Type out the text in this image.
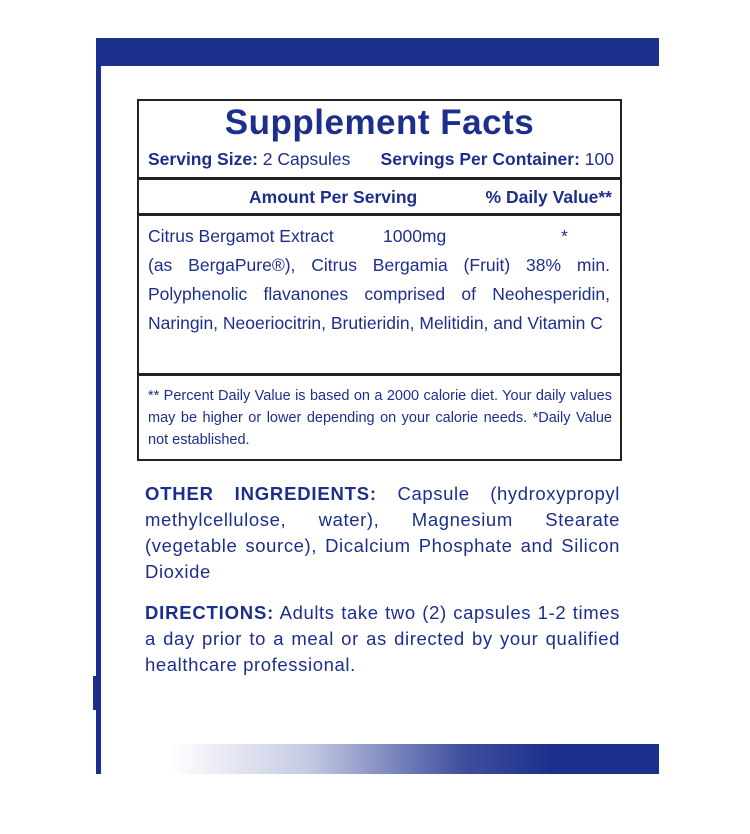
Supplement Facts
Serving Size: 2 Capsules Servings Per Container: 100
Amount Per Serving	% Daily Value**
Citrus Bergamot Extract	1000mg	*
(as BergaPure®), Citrus Bergamia (Fruit) 38% min. Polyphenolic flavanones comprised of Neohesperidin, Naringin, Neoeriocitrin, Brutieridin, Melitidin, and Vitamin C
** Percent Daily Value is based on a 2000 calorie diet. Your daily values may be higher or lower depending on your calorie needs. *Daily Value not established.
OTHER INGREDIENTS: Capsule (hydroxypropyl methylcellulose, water), Magnesium Stearate (vegetable source), Dicalcium Phosphate and Silicon Dioxide
DIRECTIONS: Adults take two (2) capsules 1-2 times a day prior to a meal or as directed by your qualified healthcare professional.
